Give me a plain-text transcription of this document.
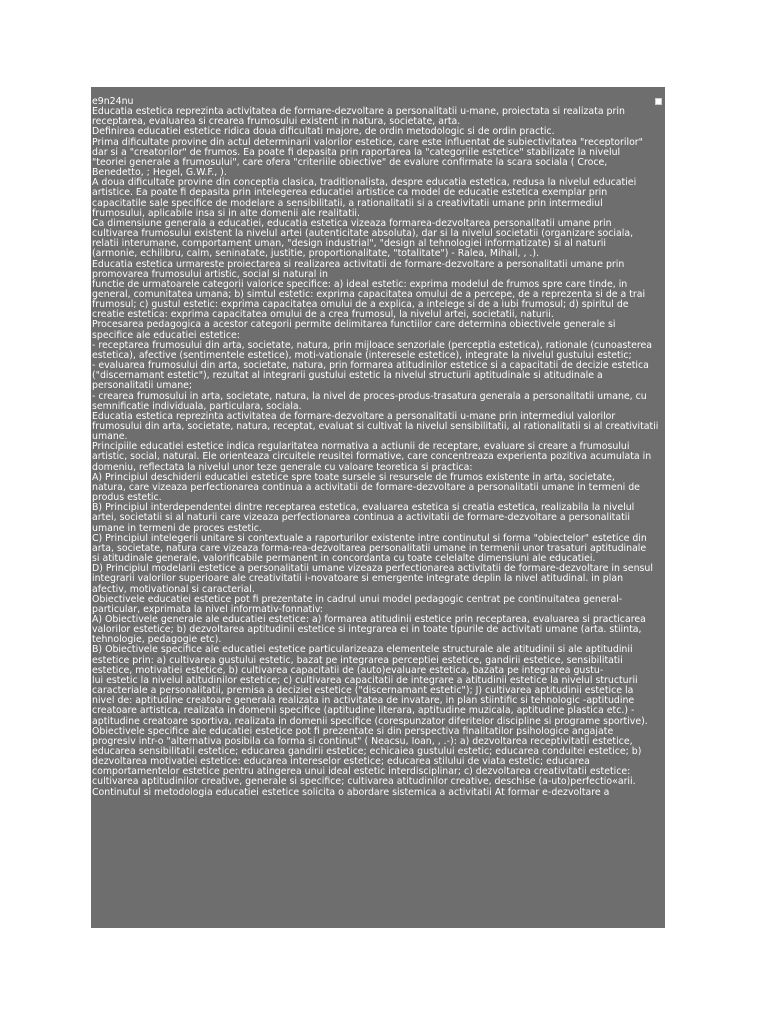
e9n24nu
Educatia estetica reprezinta activitatea de formare-dezvoltare a personalitatii u-mane, proiectata si realizata prin
receptarea, evaluarea si crearea frumosului existent in natura, societate, arta.
Definirea educatiei estetice ridica doua dificultati majore, de ordin metodologic si de ordin practic.
Prima dificultate provine din actul determinarii valorilor estetice, care este influentat de subiectivitatea "receptorilor"
dar si a "creatorilor" de frumos. Ea poate fi depasita prin raportarea la "categoriile estetice" stabilizate la nivelul
"teoriei generale a frumosului", care ofera "criteriile obiective" de evalure confirmate la scara sociala ( Croce,
Benedetto, ; Hegel, G.W.F., ).
A doua dificultate provine din conceptia clasica, traditionalista, despre educatia estetica, redusa la nivelul educatiei
artistice. Ea poate fi depasita prin intelegerea educatiei artistice ca model de educatie estetica exemplar prin
capacitatile sale specifice de modelare a sensibilitatii, a rationalitatii si a creativitatii umane prin intermediul
frumosului, aplicabile insa si in alte domenii ale realitatii.
Ca dimensiune generala a educatiei, educatia estetica vizeaza formarea-dezvoltarea personalitatii umane prin
cultivarea frumosului existent la nivelul artei (autenticitate absoluta), dar si la nivelul societatii (organizare sociala,
relatii interumane, comportament uman, "design industrial", "design al tehnologiei informatizate) si al naturii
(armonie, echilibru, calm, seninatate, justitie, proportionalitate, "totalitate") - Ralea, Mihail, , .).
Educatia estetica urmareste proiectarea si realizarea activitatii de formare-dezvoltare a personalitatii umane prin
promovarea frumosului artistic, social si natural in
functie de urmatoarele categorii valorice specifice: a) ideal estetic: exprima modelul de frumos spre care tinde, in
general, comunitatea umana; b) simtul estetic: exprima capacitatea omului de a percepe, de a reprezenta si de a trai
frumosul; c) gustul estetic: exprima capacitatea omului de a explica, a intelege si de a iubi frumosul; d) spiritul de
creatie estetica: exprima capacitatea omului de a crea frumosul, la nivelul artei, societatii, naturii.
Procesarea pedagogica a acestor categorii permite delimitarea functiilor care determina obiectivele generale si
specifice ale educatiei estetice:
- receptarea frumosului din arta, societate, natura, prin mijloace senzoriale (perceptia estetica), rationale (cunoasterea
estetica), afective (sentimentele estetice), moti-vationale (interesele estetice), integrate la nivelul gustului estetic;
- evaluarea frumosului din arta, societate, natura, prin formarea atitudinilor estetice si a capacitatii de decizie estetica
("discernamant estetic"), rezultat al integrarii gustului estetic la nivelul structurii aptitudinale si atitudinale a
personalitatii umane;
- crearea frumosului in arta, societate, natura, la nivel de proces-produs-trasatura generala a personalitatii umane, cu
semnificatie individuala, particulara, sociala.
Educatia estetica reprezinta activitatea de formare-dezvoltare a personalitatii u-mane prin intermediul valorilor
frumosului din arta, societate, natura, receptat, evaluat si cultivat la nivelul sensibilitatii, al rationalitatii si al creativitatii
umane.
Principiile educatiei estetice indica regularitatea normativa a actiunii de receptare, evaluare si creare a frumosului
artistic, social, natural. Ele orienteaza circuitele reusitei formative, care concentreaza experienta pozitiva acumulata in
domeniu, reflectata la nivelul unor teze generale cu valoare teoretica si practica:
A) Principiul deschiderii educatiei estetice spre toate sursele si resursele de frumos existente in arta, societate,
natura, care vizeaza perfectionarea continua a activitatii de formare-dezvoltare a personalitatii umane in termeni de
produs estetic.
B) Principiul interdependentei dintre receptarea estetica, evaluarea estetica si creatia estetica, realizabila la nivelul
artei, societatii si al naturii care vizeaza perfectionarea continua a activitatii de formare-dezvoltare a personalitatii
umane in termeni de proces estetic.
C) Principiul intelegerii unitare si contextuale a raporturilor existente intre continutul si forma "obiectelor" estetice din
arta, societate, natura care vizeaza forma-rea-dezvoltarea personalitatii umane in termenii unor trasaturi aptitudinale
si atitudinale generale, valorificabile permanent in concordanta cu toate celelalte dimensiuni ale educatiei.
D) Principiul modelarii estetice a personalitatii umane vizeaza perfectionarea activitatii de formare-dezvoltare in sensul
integrarii valorilor superioare ale creativitatii i-novatoare si emergente integrate deplin la nivel atitudinal. in plan
afectiv, motivational si caracterial.
Obiectivele educatiei estetice pot fi prezentate in cadrul unui model pedagogic centrat pe continuitatea general-
particular, exprimata la nivel informativ-fonnativ:
A) Obiectivele generale ale educatiei estetice: a) formarea atitudinii estetice prin receptarea, evaluarea si practicarea
valorilor estetice; b) dezvoltarea aptitudinii estetice si integrarea ei in toate tipurile de activitati umane (arta. stiinta,
tehnologie, pedagogie etc).
B) Obiectivele specifice ale educatiei estetice particularizeaza elementele structurale ale atitudinii si ale aptitudinii
estetice prin: a) cultivarea gustului estetic, bazat pe integrarea perceptiei estetice, gandirii estetice, sensibilitatii
estetice, motivatiei estetice, b) cultivarea capacitatii de (auto)evaluare estetica, bazata pe integrarea gustu-
lui estetic la nivelul atitudinilor estetice; c) cultivarea capacitatii de integrare a atitudinii estetice la nivelul structurii
caracteriale a personalitatii, premisa a deciziei estetice ("discernamant estetic"); J) cultivarea aptitudinii estetice la
nivel de: aptitudine creatoare generala realizata in activitatea de invatare, in plan stiintific si tehnologic -aptitudine
creatoare artistica, realizata in domenii specifice (aptitudine literara, aptitudine muzicala, aptitudine plastica etc.) -
aptitudine creatoare sportiva, realizata in domenii specifice (corespunzator diferitelor discipline si programe sportive).
Obiectivele specifice ale educatiei estetice pot fi prezentate si din perspectiva finalitatilor psihologice angajate
progresiv intr-o "alternativa posibila ca forma si continut" ( Neacsu, Ioan, , .-): a) dezvoltarea receptivitatii estetice,
educarea sensibilitatii estetice; educarea gandirii estetice; echicaiea gustului estetic; educarea conduitei estetice; b)
dezvoltarea motivatiei estetice: educarea intereselor estetice; educarea stilului de viata estetic; educarea
comportamentelor estetice pentru atingerea unui ideal estetic interdisciplinar; c) dezvoltarea creativitatii estetice:
cultivarea aptitudinilor creative, generale si specifice; cultivarea atitudinilor creative, deschise (a-uto)perfectio«arii.
Continutul si metodologia educatiei estetice solicita o abordare sistemica a activitatii At formar e-dezvoltare a
